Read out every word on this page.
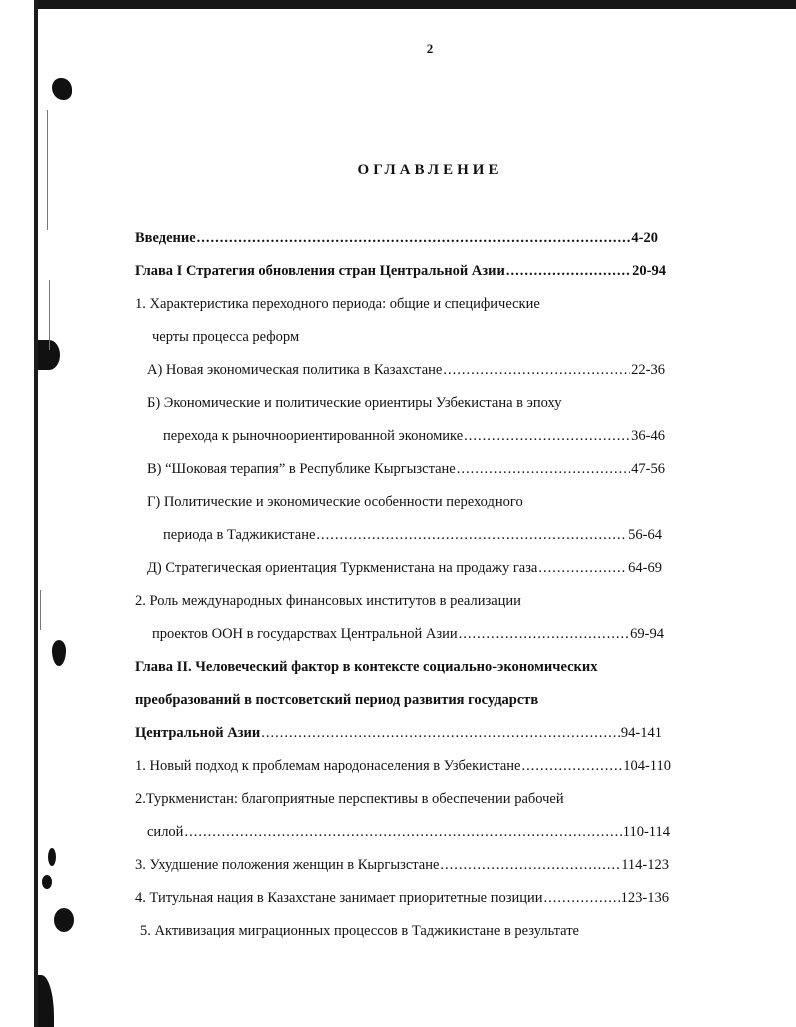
2
ОГЛАВЛЕНИЕ
Введение .....	4-20
Глава I Стратегия обновления стран Центральной Азии .....	20-94
1. Характеристика переходного периода: общие и специфические
черты процесса реформ
А) Новая экономическая политика в Казахстане .....	22-36
Б) Экономические и политические ориентиры Узбекистана в эпоху
перехода к рыночноориентированной экономике .....	36-46
В) “Шоковая терапия” в Республике Кыргызстане .....	47-56
Г) Политические и экономические особенности переходного
периода в Таджикистане .....	56-64
Д) Стратегическая ориентация Туркменистана на продажу газа .....	64-69
2. Роль международных финансовых институтов в реализации
проектов ООН в государствах Центральной Азии .....	69-94
Глава II. Человеческий фактор в контексте социально-экономических
преобразований в постсоветский период развития государств
Центральной Азии .....	94-141
1. Новый подход к проблемам народонаселения в Узбекистане .....	104-110
2.Туркменистан: благоприятные перспективы в обеспечении рабочей
силой .....	110-114
3. Ухудшение положения женщин в Кыргызстане .....	114-123
4. Титульная нация в Казахстане занимает приоритетные позиции .....	123-136
5. Активизация миграционных процессов в Таджикистане в результате
